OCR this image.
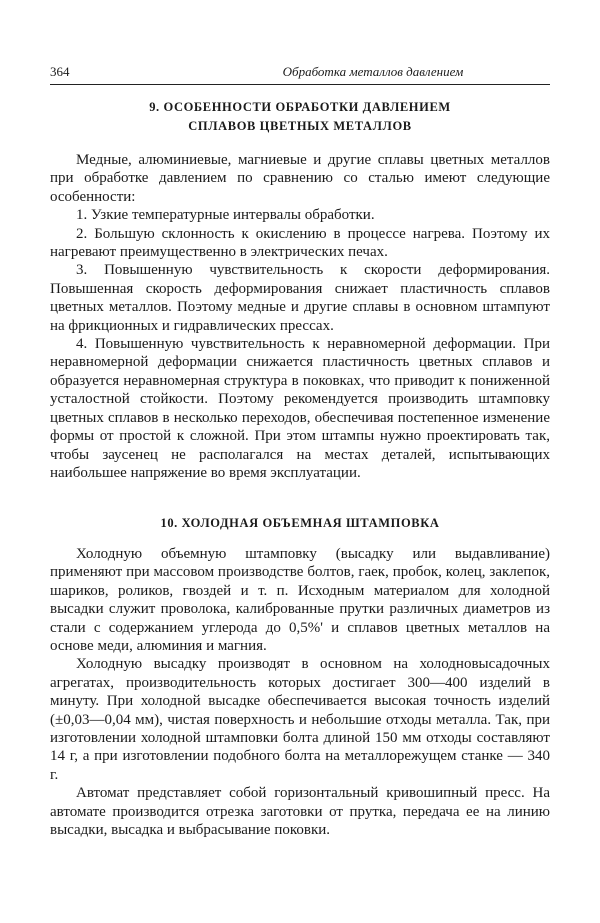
364	Обработка металлов давлением
9. ОСОБЕННОСТИ ОБРАБОТКИ ДАВЛЕНИЕМ
СПЛАВОВ ЦВЕТНЫХ МЕТАЛЛОВ

Медные, алюминиевые, магниевые и другие сплавы цветных металлов при обработке давлением по сравнению со сталью имеют следующие особенности:

1. Узкие температурные интервалы обработки.

2. Большую склонность к окислению в процессе нагрева. Поэтому их нагревают преимущественно в электрических печах.

3. Повышенную чувствительность к скорости деформирования. Повышенная скорость деформирования снижает пластичность сплавов цветных металлов. Поэтому медные и другие сплавы в основном штампуют на фрикционных и гидравлических прессах.

4. Повышенную чувствительность к неравномерной деформации. При неравномерной деформации снижается пластичность цветных сплавов и образуется неравномерная структура в поковках, что приводит к пониженной усталостной стойкости. Поэтому рекомендуется производить штамповку цветных сплавов в несколько переходов, обеспечивая постепенное изменение формы от простой к сложной. При этом штампы нужно проектировать так, чтобы заусенец не располагался на местах деталей, испытывающих наибольшее напряжение во время эксплуатации.

10. ХОЛОДНАЯ ОБЪЕМНАЯ ШТАМПОВКА

Холодную объемную штамповку (высадку или выдавливание) применяют при массовом производстве болтов, гаек, пробок, колец, заклепок, шариков, роликов, гвоздей и т. п. Исходным материалом для холодной высадки служит проволока, калиброванные прутки различных диаметров из стали с содержанием углерода до 0,5%' и сплавов цветных металлов на основе меди, алюминия и магния.

Холодную высадку производят в основном на холодновысадочных агрегатах, производительность которых достигает 300—400 изделий в минуту. При холодной высадке обеспечивается высокая точность изделий (±0,03—0,04 мм), чистая поверхность и небольшие отходы металла. Так, при изготовлении холодной штамповки болта длиной 150 мм отходы составляют 14 г, а при изготовлении подобного болта на металлорежущем станке — 340 г.

Автомат представляет собой горизонтальный кривошипный пресс. На автомате производится отрезка заготовки от прутка, передача ее на линию высадки, высадка и выбрасывание поковки.
